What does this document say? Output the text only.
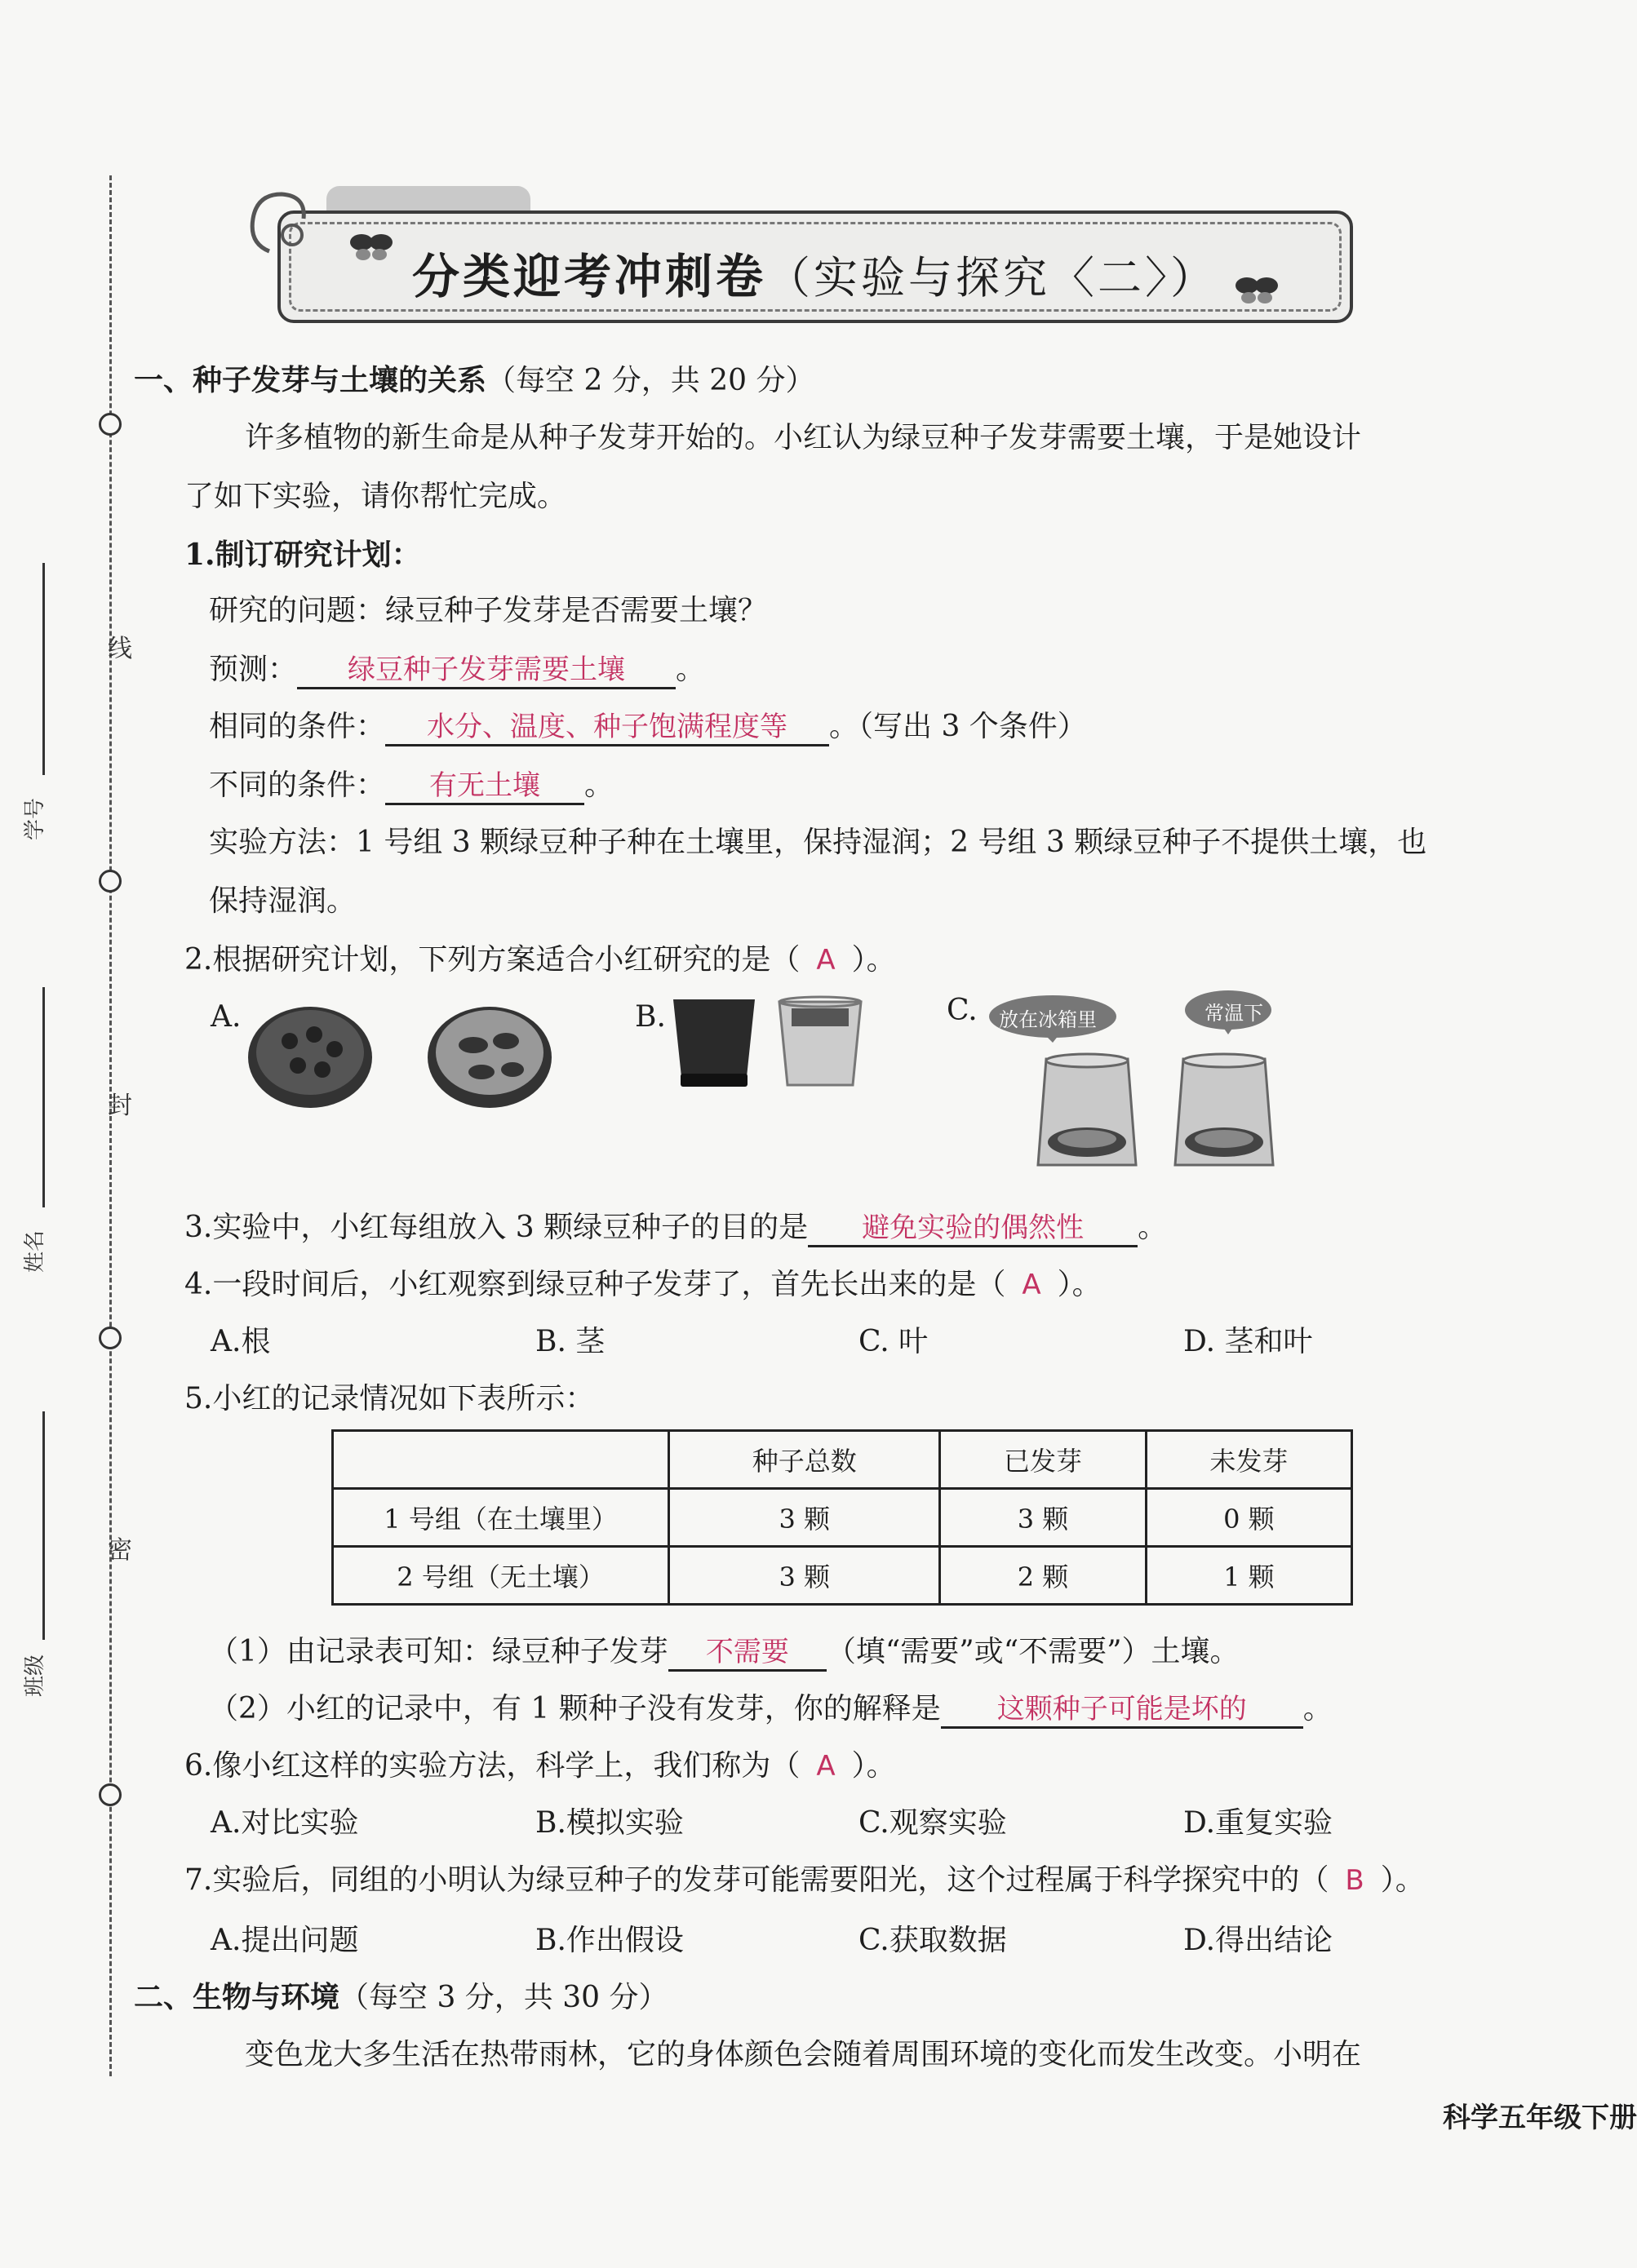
线
封
密
学号
姓名
班级
分类迎考冲刺卷（实验与探究〈二〉）
一、种子发芽与土壤的关系（每空 2 分，共 20 分）
许多植物的新生命是从种子发芽开始的。小红认为绿豆种子发芽需要土壤，于是她设计
了如下实验，请你帮忙完成。
1.制订研究计划：
研究的问题：绿豆种子发芽是否需要土壤？
预测： 绿豆种子发芽需要土壤 。
相同的条件： 水分、温度、种子饱满程度等 。（写出 3 个条件）
不同的条件： 有无土壤 。
实验方法：1 号组 3 颗绿豆种子种在土壤里，保持湿润；2 号组 3 颗绿豆种子不提供土壤，也
保持湿润。
2.根据研究计划，下列方案适合小红研究的是（ A ）。
A.	B.	C. 放在冰箱里	常温下
3.实验中，小红每组放入 3 颗绿豆种子的目的是 避免实验的偶然性 。
4.一段时间后，小红观察到绿豆种子发芽了，首先长出来的是（ A ）。
A.根	B. 茎	C. 叶	D. 茎和叶
5.小红的记录情况如下表所示：
	种子总数	已发芽	未发芽
1 号组（在土壤里）	3 颗	3 颗	0 颗
2 号组（无土壤）	3 颗	2 颗	1 颗
（1）由记录表可知：绿豆种子发芽 不需要 （填“需要”或“不需要”）土壤。
（2）小红的记录中，有 1 颗种子没有发芽，你的解释是 这颗种子可能是坏的 。
6.像小红这样的实验方法，科学上，我们称为（ A ）。
A.对比实验	B.模拟实验	C.观察实验	D.重复实验
7.实验后，同组的小明认为绿豆种子的发芽可能需要阳光，这个过程属于科学探究中的（ B ）。
A.提出问题	B.作出假设	C.获取数据	D.得出结论
二、生物与环境（每空 3 分，共 30 分）
变色龙大多生活在热带雨林，它的身体颜色会随着周围环境的变化而发生改变。小明在
科学五年级下册
